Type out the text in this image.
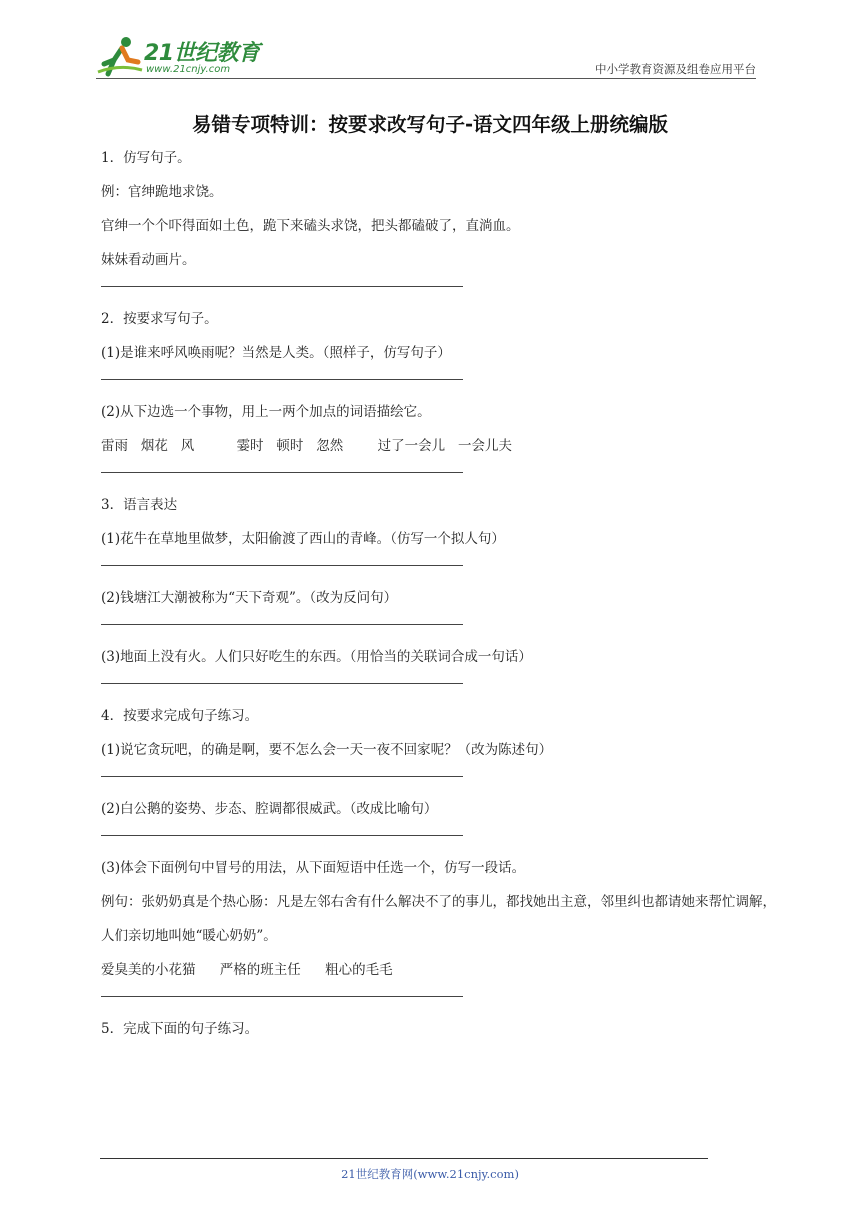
21世纪教育
www.21cnjy.com	中小学教育资源及组卷应用平台
易错专项特训：按要求改写句子-语文四年级上册统编版
1．仿写句子。
例：官绅跪地求饶。
官绅一个个吓得面如土色，跪下来磕头求饶，把头都磕破了，直淌血。
妹妹看动画片。
2．按要求写句子。
(1)是谁来呼风唤雨呢？当然是人类。（照样子，仿写句子）
(2)从下边选一个事物，用上一两个加点的词语描绘它。
雷雨 烟花 风	霎时 顿时 忽然	过了一会儿 一会儿夫
3．语言表达
(1)花牛在草地里做梦，太阳偷渡了西山的青峰。（仿写一个拟人句）
(2)钱塘江大潮被称为“天下奇观”。（改为反问句）
(3)地面上没有火。人们只好吃生的东西。（用恰当的关联词合成一句话）
4．按要求完成句子练习。
(1)说它贪玩吧，的确是啊，要不怎么会一天一夜不回家呢？（改为陈述句）
(2)白公鹅的姿势、步态、腔调都很威武。（改成比喻句）
(3)体会下面例句中冒号的用法，从下面短语中任选一个，仿写一段话。
例句：张奶奶真是个热心肠：凡是左邻右舍有什么解决不了的事儿，都找她出主意，邻里纠也都请她来帮忙调解，人们亲切地叫她“暖心奶奶”。
爱臭美的小花猫 严格的班主任 粗心的毛毛
5．完成下面的句子练习。
21世纪教育网(www.21cnjy.com)
